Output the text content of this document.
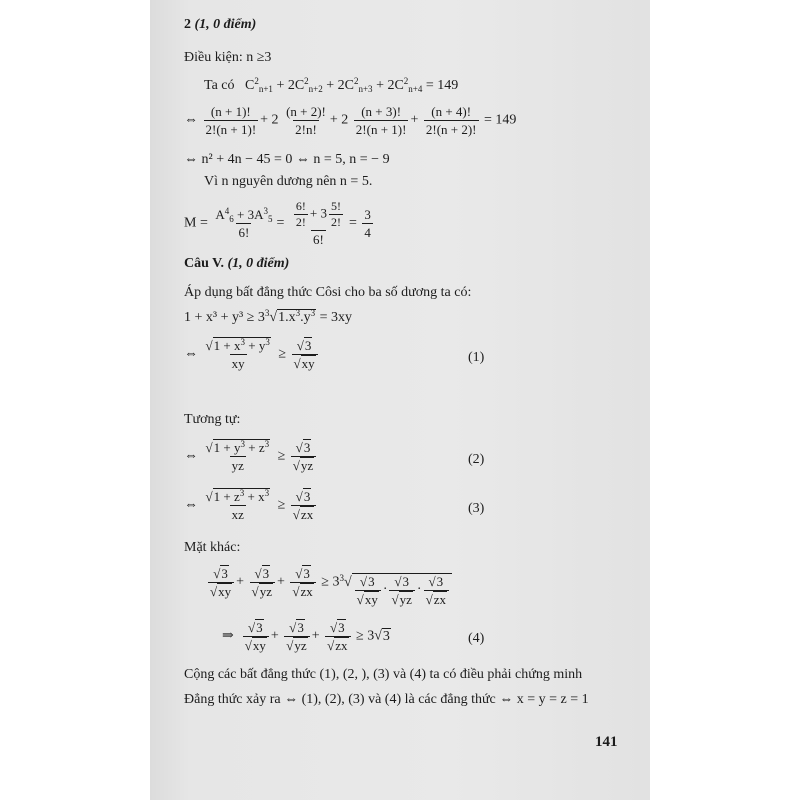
2 (1, 0 điểm)
Điều kiện: n ≥3
Ta có   $C^2_{n+1} + 2C^2_{n+2} + 2C^2_{n+3} + 2C^2_{n+4} = 149$
⇔ $\frac{(n + 1)!}{2!(n + 1)!} + 2 \frac{(n + 2)!}{2!n!} + 2 \frac{(n + 3)!}{2!(n + 1)!} + \frac{(n + 4)!}{2!(n + 2)!} = 149$
⇔ n² + 4n − 45 = 0 ⇔ n = 5, n = − 9
Vì n nguyên dương nên n = 5.
$M = \frac{A^4_6 + 3A^3_5}{6!} = \frac{\frac{6!}{2!} + 3 \frac{5!}{2!}}{6!} = \frac{3}{4}$
Câu V. (1, 0 điểm)
Áp dụng bất đẳng thức Côsi cho ba số dương ta có:
$1 + x^3 + y^3 \ge 3^3√1.x^3.y^3 = 3xy$
⇔ $\frac{√1 + x^3 + y^3}{xy} \ge \frac{√3}{√xy}$	(1)
Tương tự:
⇔ $\frac{√1 + y^3 + z^3}{yz} \ge \frac{√3}{√yz}$	(2)
⇔ $\frac{√1 + z^3 + x^3}{xz} \ge \frac{√3}{√zx}$	(3)
Mặt khác:
$\frac{√3}{√xy} + \frac{√3}{√yz} + \frac{√3}{√zx} \ge 3^3√ \frac{√3}{√xy} \cdot \frac{√3}{√yz} \cdot \frac{√3}{√zx}$
⇒ $\frac{√3}{√xy} + \frac{√3}{√yz} + \frac{√3}{√zx} \ge 3√3$	(4)
Cộng các bất đẳng thức (1), (2, ), (3) và (4) ta có điều phải chứng minh
Đẳng thức xảy ra ⇔ (1), (2), (3) và (4) là các đẳng thức ⇔ x = y = z = 1
141
